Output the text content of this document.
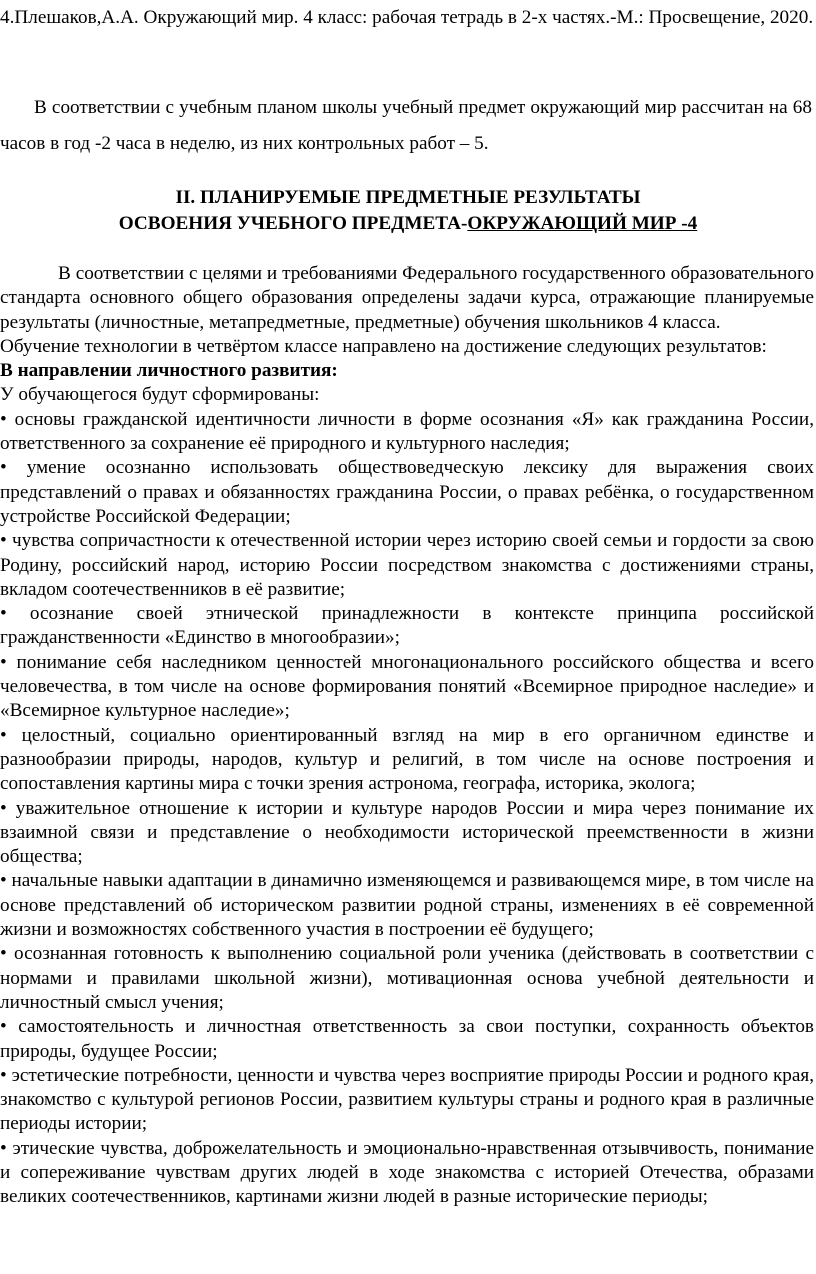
4.Плешаков,А.А. Окружающий мир. 4 класс: рабочая тетрадь в 2-х частях.-М.: Просвещение, 2020.

В соответствии с учебным планом школы учебный предмет окружающий мир рассчитан на 68 часов в год -2 часа в неделю, из них контрольных работ – 5.

II. ПЛАНИРУЕМЫЕ ПРЕДМЕТНЫЕ РЕЗУЛЬТАТЫ
ОСВОЕНИЯ УЧЕБНОГО ПРЕДМЕТА-ОКРУЖАЮЩИЙ МИР -4

В соответствии с целями и требованиями Федерального государственного образовательного стандарта основного общего образования определены задачи курса, отражающие планируемые результаты (личностные, метапредметные, предметные) обучения школьников 4 класса.

Обучение технологии в четвёртом классе направлено на достижение следующих результатов:

В направлении личностного развития:

У обучающегося будут сформированы:

• основы гражданской идентичности личности в форме осознания «Я» как гражданина России, ответственного за сохранение её природного и культурного наследия;

• умение осознанно использовать обществоведческую лексику для выражения своих представлений о правах и обязанностях гражданина России, о правах ребёнка, о государственном устройстве Российской Федерации;

• чувства сопричастности к отечественной истории через историю своей семьи и гордости за свою Родину, российский народ, историю России посредством знакомства с достижениями страны, вкладом соотечественников в её развитие;

• осознание своей этнической принадлежности в контексте принципа российской гражданственности «Единство в многообразии»;

• понимание себя наследником ценностей многонационального российского общества и всего человечества, в том числе на основе формирования понятий «Всемирное природное наследие» и «Всемирное культурное наследие»;

• целостный, социально ориентированный взгляд на мир в его органичном единстве и разнообразии природы, народов, культур и религий, в том числе на основе построения и сопоставления картины мира с точки зрения астронома, географа, историка, эколога;

• уважительное отношение к истории и культуре народов России и мира через понимание их взаимной связи и представление о необходимости исторической преемственности в жизни общества;

• начальные навыки адаптации в динамично изменяющемся и развивающемся мире, в том числе на основе представлений об историческом развитии родной страны, изменениях в её современной жизни и возможностях собственного участия в построении её будущего;

• осознанная готовность к выполнению социальной роли ученика (действовать в соответствии с нормами и правилами школьной жизни), мотивационная основа учебной деятельности и личностный смысл учения;

• самостоятельность и личностная ответственность за свои поступки, сохранность объектов природы, будущее России;

• эстетические потребности, ценности и чувства через восприятие природы России и родного края, знакомство с культурой регионов России, развитием культуры страны и родного края в различные периоды истории;

• этические чувства, доброжелательность и эмоционально-нравственная отзывчивость, понимание и сопереживание чувствам других людей в ходе знакомства с историей Отечества, образами великих соотечественников, картинами жизни людей в разные исторические периоды;
